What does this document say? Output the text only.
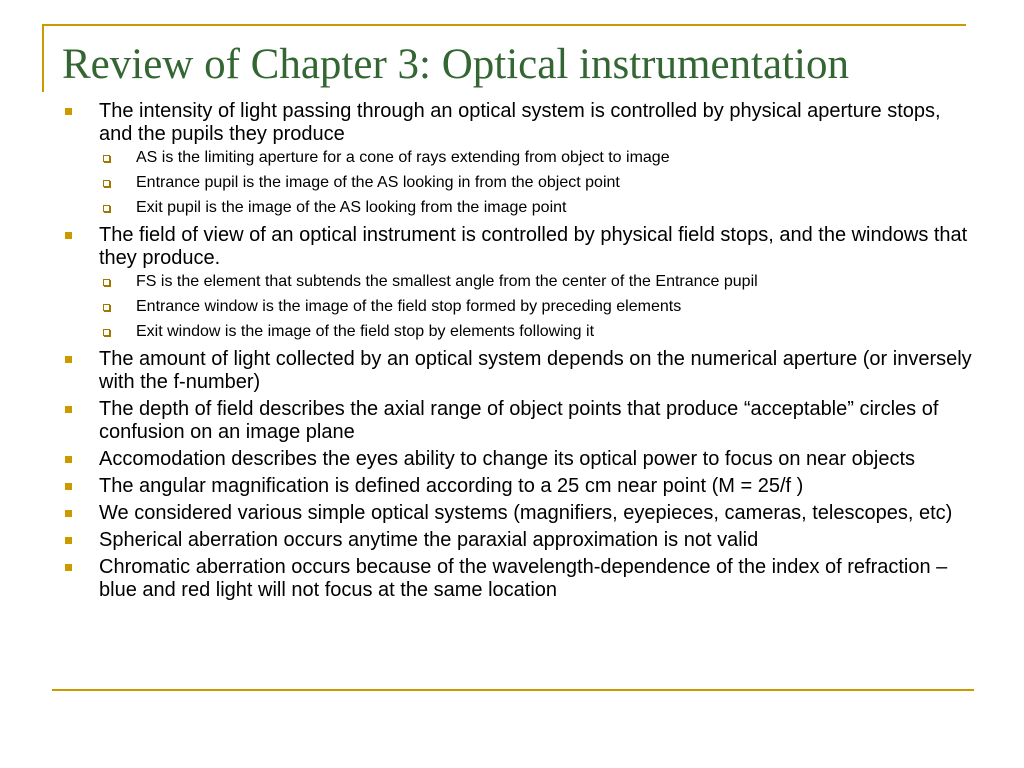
Review of Chapter 3: Optical instrumentation
The intensity of light passing through an optical system is controlled by physical aperture stops, and the pupils they produce
AS is the limiting aperture for a cone of rays extending from object to image
Entrance pupil is the image of the AS looking in from the object point
Exit pupil is the image of the AS looking from the image point
The field of view of an optical instrument is controlled by physical field stops, and the windows that they produce.
FS is the element that subtends the smallest angle from the center of the Entrance pupil
Entrance window is the image of the field stop formed by preceding elements
Exit window is the image of the field stop by elements following it
The amount of light collected by an optical system depends on the numerical aperture (or inversely with the f-number)
The depth of field describes the axial range of object points that produce “acceptable” circles of confusion on an image plane
Accomodation describes the eyes ability to change its optical power to focus on near objects
The angular magnification is defined according to a 25 cm near point (M = 25/f )
We considered various simple optical systems (magnifiers, eyepieces, cameras, telescopes, etc)
Spherical aberration occurs anytime the paraxial approximation is not valid
Chromatic aberration occurs because of the wavelength-dependence of the index of refraction – blue and red light will not focus at the same location
